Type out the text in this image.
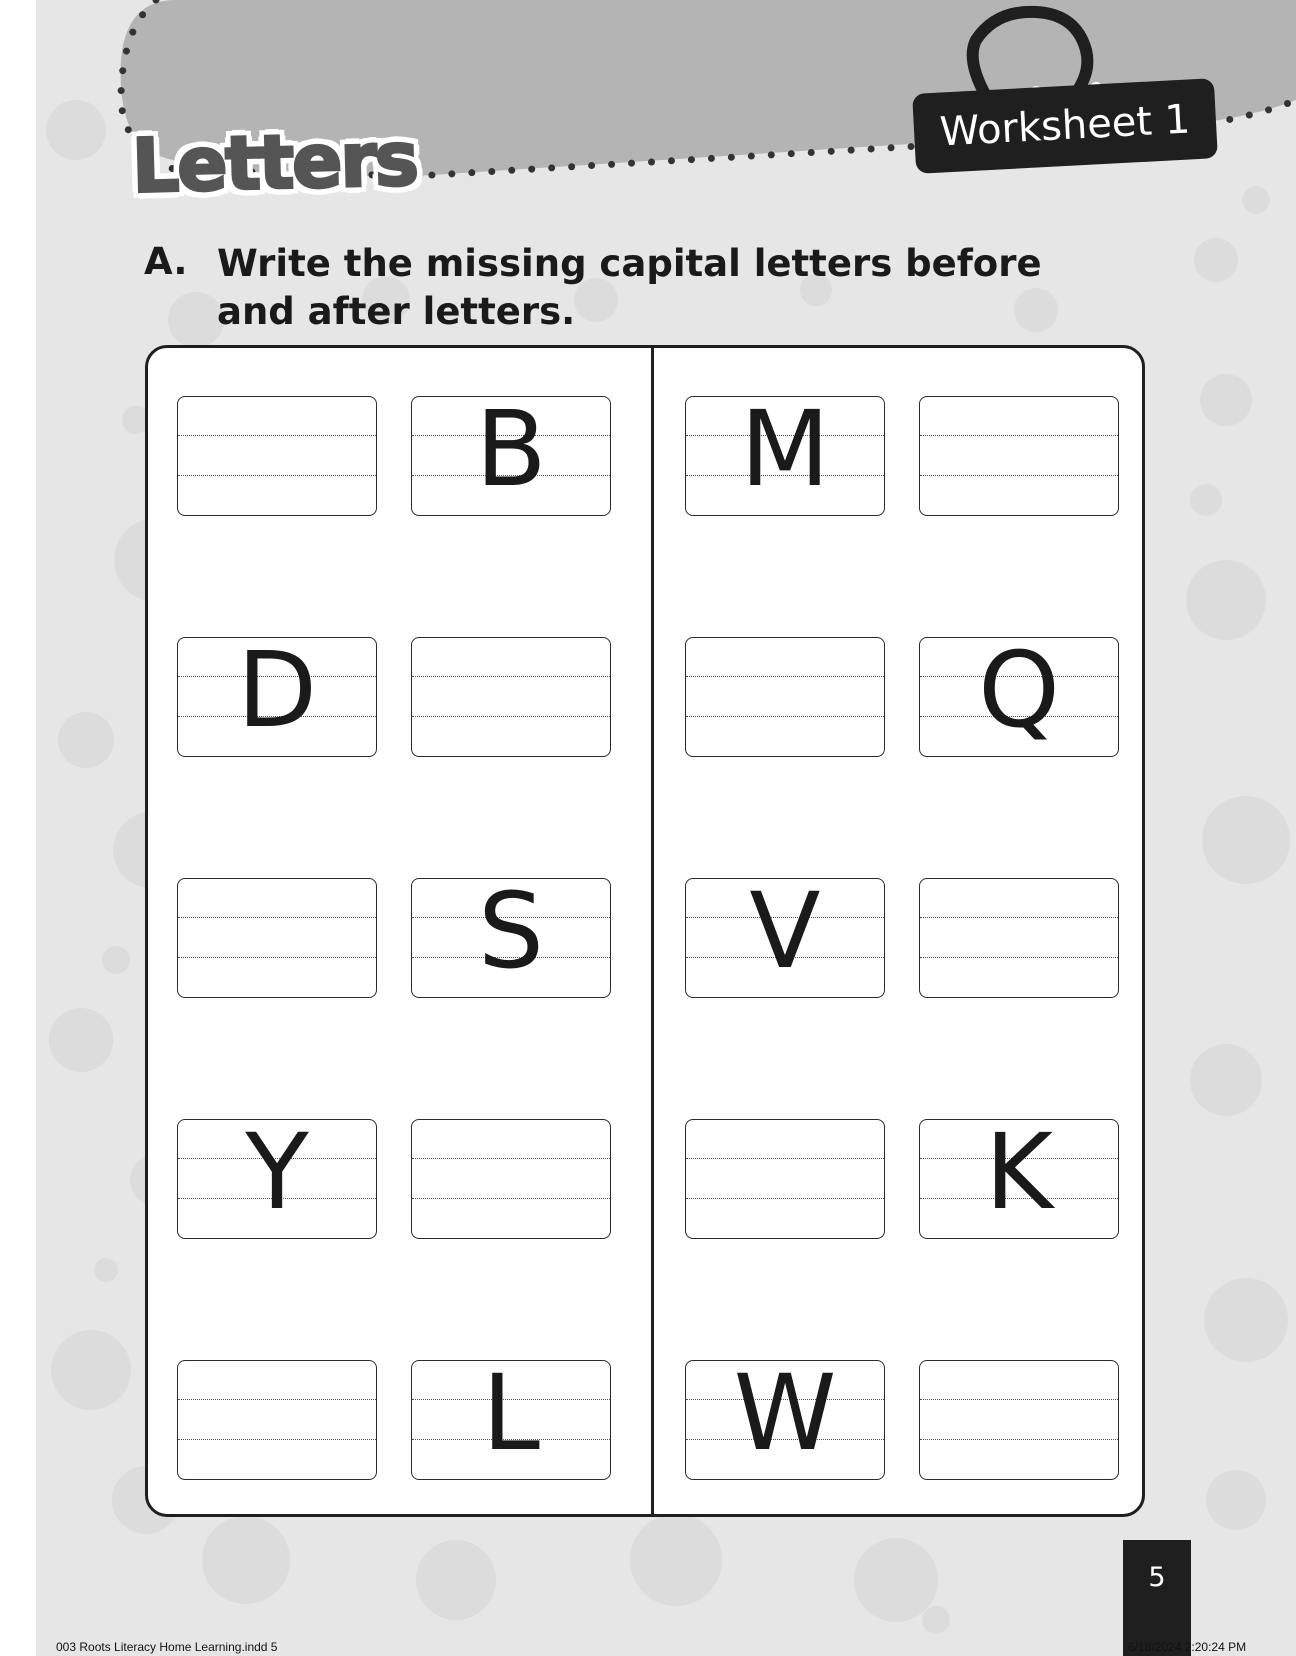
Letters	Worksheet 1
A. Write the missing capital letters before and after letters.
B	M
D	Q
S	V
Y	K
L	W
5
003 Roots Literacy Home Learning.indd 5	6/18/2024 2:20:24 PM
